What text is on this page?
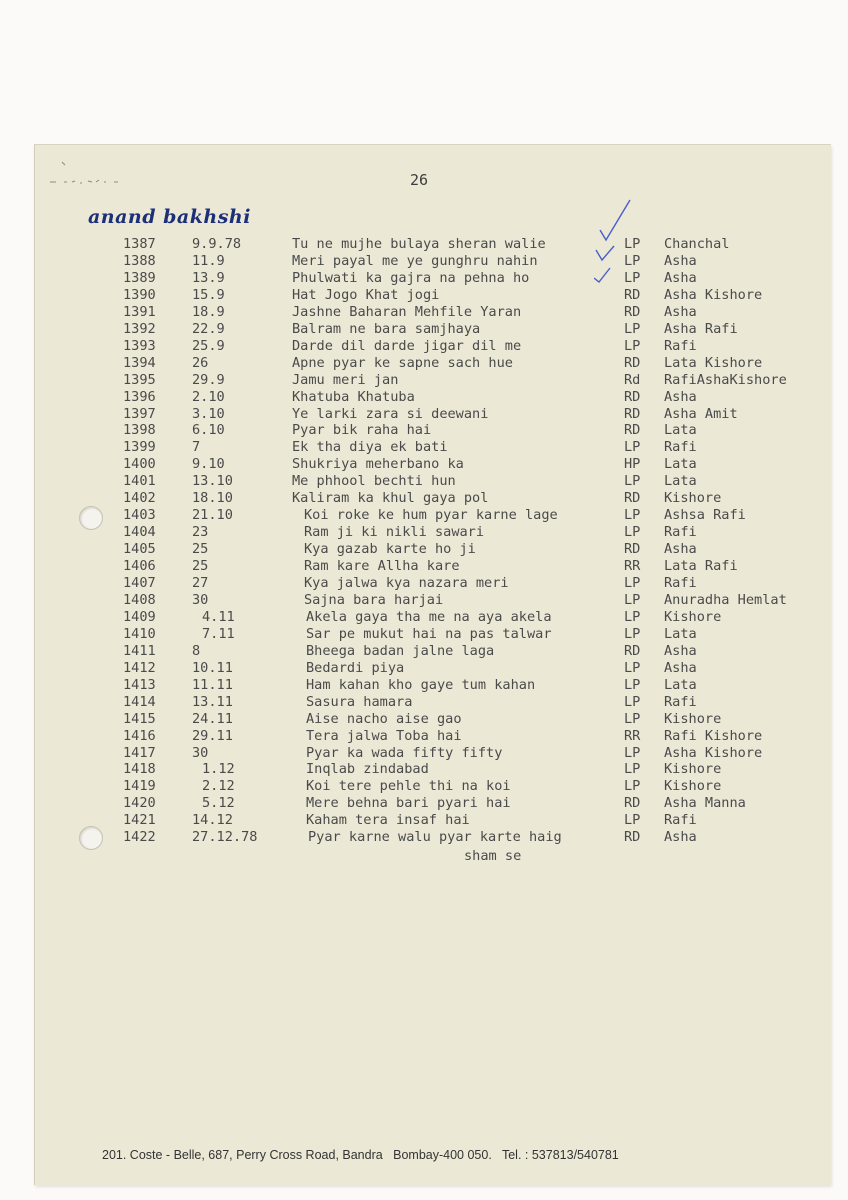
26
anand bakhshi
1387	9.9.78	Tu ne mujhe bulaya sheran walie	LP Chanchal
1388	11.9	Meri payal me ye gunghru nahin	LP Asha
1389	13.9	Phulwati ka gajra na pehna ho	LP Asha
1390	15.9	Hat Jogo Khat jogi	RD Asha Kishore
1391	18.9	Jashne Baharan Mehfile Yaran	RD Asha
1392	22.9	Balram ne bara samjhaya	LP Asha Rafi
1393	25.9	Darde dil darde jigar dil me	LP Rafi
1394	26	Apne pyar ke sapne sach hue	RD Lata Kishore
1395	29.9	Jamu meri jan	Rd RafiAshaKishore
1396	2.10	Khatuba Khatuba	RD Asha
1397	3.10	Ye larki zara si deewani	RD Asha Amit
1398	6.10	Pyar bik raha hai	RD Lata
1399	7	Ek tha diya ek bati	LP Rafi
1400	9.10	Shukriya meherbano ka	HP Lata
1401	13.10	Me phhool bechti hun	LP Lata
1402	18.10	Kaliram ka khul gaya pol	RD Kishore
1403	21.10	Koi roke ke hum pyar karne lage	LP Ashsa Rafi
1404	23	Ram ji ki nikli sawari	LP Rafi
1405	25	Kya gazab karte ho ji	RD Asha
1406	25	Ram kare Allha kare	RR Lata Rafi
1407	27	Kya jalwa kya nazara meri	LP Rafi
1408	30	Sajna bara harjai	LP Anuradha Hemlat
1409	4.11	Akela gaya tha me na aya akela	LP Kishore
1410	7.11	Sar pe mukut hai na pas talwar	LP Lata
1411	8	Bheega badan jalne laga	RD Asha
1412	10.11	Bedardi piya	LP Asha
1413	11.11	Ham kahan kho gaye tum kahan	LP Lata
1414	13.11	Sasura hamara	LP Rafi
1415	24.11	Aise nacho aise gao	LP Kishore
1416	29.11	Tera jalwa Toba hai	RR Rafi Kishore
1417	30	Pyar ka wada fifty fifty	LP Asha Kishore
1418	1.12	Inqlab zindabad	LP Kishore
1419	2.12	Koi tere pehle thi na koi	LP Kishore
1420	5.12	Mere behna bari pyari hai	RD Asha Manna
1421	14.12	Kaham tera insaf hai	LP Rafi
1422	27.12.78	Pyar karne walu pyar karte haig	RD Asha
sham se
201. Coste - Belle, 687, Perry Cross Road, Bandra   Bombay-400 050.   Tel. : 537813/540781
